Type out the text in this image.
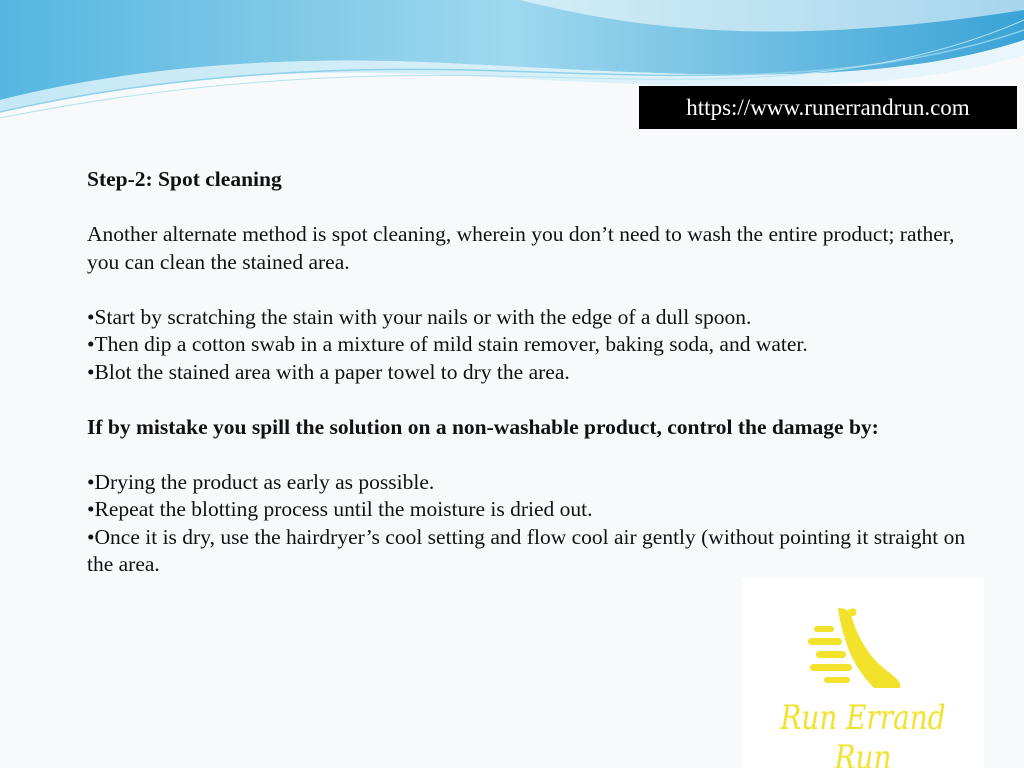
https://www.runerrandrun.com

Step-2: Spot cleaning

Another alternate method is spot cleaning, wherein you don’t need to wash the entire product; rather, you can clean the stained area.

•Start by scratching the stain with your nails or with the edge of a dull spoon.

•Then dip a cotton swab in a mixture of mild stain remover, baking soda, and water.

•Blot the stained area with a paper towel to dry the area.

If by mistake you spill the solution on a non-washable product, control the damage by:

•Drying the product as early as possible.

•Repeat the blotting process until the moisture is dried out.

•Once it is dry, use the hairdryer’s cool setting and flow cool air gently (without pointing it straight on the area.

Run Errand Run
